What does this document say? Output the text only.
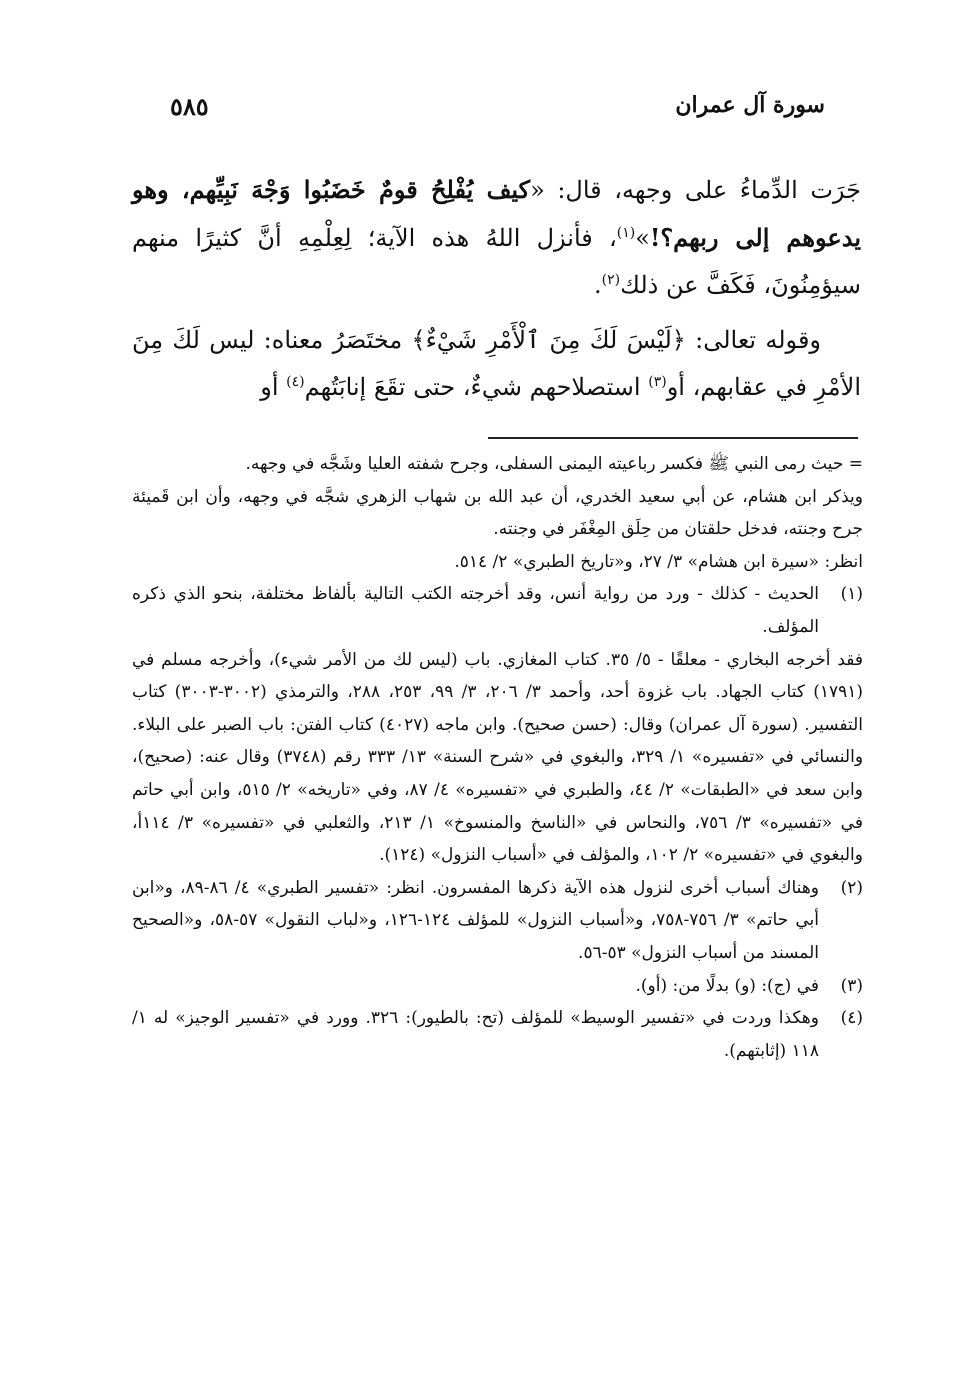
سورة آل عمران
٥٨٥

جَرَت الدِّماءُ على وجهه، قال: «كيف يُفْلِحُ قومٌ خَضَبُوا وَجْهَ نَبِيِّهم، وهو يدعوهم إلى ربهم؟!»$^{(١)}$، فأنزل اللهُ هذه الآية؛ لِعِلْمِهِ أنَّ كثيرًا منهم سيؤمِنُونَ، فَكَفَّ عن ذلك$^{(٢)}$.

وقوله تعالى: ﴿لَيْسَ لَكَ مِنَ ٱلْأَمْرِ شَيْءٌ﴾ مختَصَرُ معناه: ليس لَكَ مِنَ الأمْرِ في عقابهم، أو$^{(٣)}$ استصلاحهم شيءٌ، حتى تقَعَ إنابَتُهم$^{(٤)}$ أو

= حيث رمى النبي ﷺ فكسر رباعيته اليمنى السفلى، وجرح شفته العليا وشَجَّه في وجهه.

ويذكر ابن هشام، عن أبي سعيد الخدري، أن عبد الله بن شهاب الزهري شجَّه في وجهه، وأن ابن قَميئة جرح وجنته، فدخل حلقتان من حِلَق المِغْفَر في وجنته.

انظر: «سيرة ابن هشام» ٣/ ٢٧، و«تاريخ الطبري» ٢/ ٥١٤.

(١)

الحديث - كذلك - ورد من رواية أنس، وقد أخرجته الكتب التالية بألفاظ مختلفة، بنحو الذي ذكره المؤلف.

فقد أخرجه البخاري - معلقًا - ٥/ ٣٥. كتاب المغازي. باب (ليس لك من الأمر شيء)، وأخرجه مسلم في (١٧٩١) كتاب الجهاد. باب غزوة أحد، وأحمد ٣/ ٢٠٦، ٣/ ٩٩، ٢٥٣، ٢٨٨، والترمذي (٣٠٠٢-٣٠٠٣) كتاب التفسير. (سورة آل عمران) وقال: (حسن صحيح). وابن ماجه (٤٠٢٧) كتاب الفتن: باب الصبر على البلاء. والنسائي في «تفسيره» ١/ ٣٢٩، والبغوي في «شرح السنة» ١٣/ ٣٣٣ رقم (٣٧٤٨) وقال عنه: (صحيح)، وابن سعد في «الطبقات» ٢/ ٤٤، والطبري في «تفسيره» ٤/ ٨٧، وفي «تاريخه» ٢/ ٥١٥، وابن أبي حاتم في «تفسيره» ٣/ ٧٥٦، والنحاس في «الناسخ والمنسوخ» ١/ ٢١٣، والثعلبي في «تفسيره» ٣/ ١١٤أ، والبغوي في «تفسيره» ٢/ ١٠٢، والمؤلف في «أسباب النزول» (١٢٤).

(٢)
وهناك أسباب أخرى لنزول هذه الآية ذكرها المفسرون. انظر: «تفسير الطبري» ٤/ ٨٦-٨٩، و«ابن أبي حاتم» ٣/ ٧٥٦-٧٥٨، و«أسباب النزول» للمؤلف ١٢٤-١٢٦، و«لباب النقول» ٥٧-٥٨، و«الصحيح المسند من أسباب النزول» ٥٣-٥٦.
(٣)
في (ج): (و) بدلًا من: (أو).
(٤)
وهكذا وردت في «تفسير الوسيط» للمؤلف (تح: بالطيور): ٣٢٦. وورد في «تفسير الوجيز» له ١/ ١١٨ (إثابتهم).
